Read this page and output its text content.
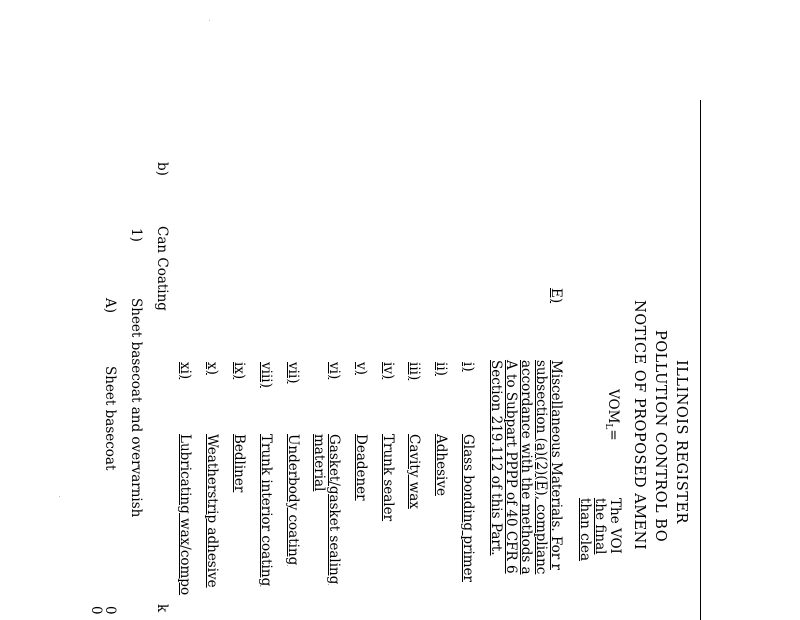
ILLINOIS REGISTER
POLLUTION CONTROL BO
NOTICE OF PROPOSED AMENI
$VOM_L=$
The VOI
the final
than clea
E)
Miscellaneous Materials. For r
subsection (a)(2)(E), complianc
accordance with the methods a
A to Subpart PPPP of 40 CFR 6
Section 219.112 of this Part.
i)
Glass bonding primer
ii)
Adhesive
iii)
Cavity wax
iv)
Trunk sealer
v)
Deadener
vi)
Gasket/gasket sealing
material
vii)
Underbody coating
viii)
Trunk interior coating
ix)
Bedliner
x)
Weatherstrip adhesive
xi)
Lubricating wax/compo
b)
Can Coating
k
1)
Sheet basecoat and overvarnish
A)
Sheet basecoat
0
0
